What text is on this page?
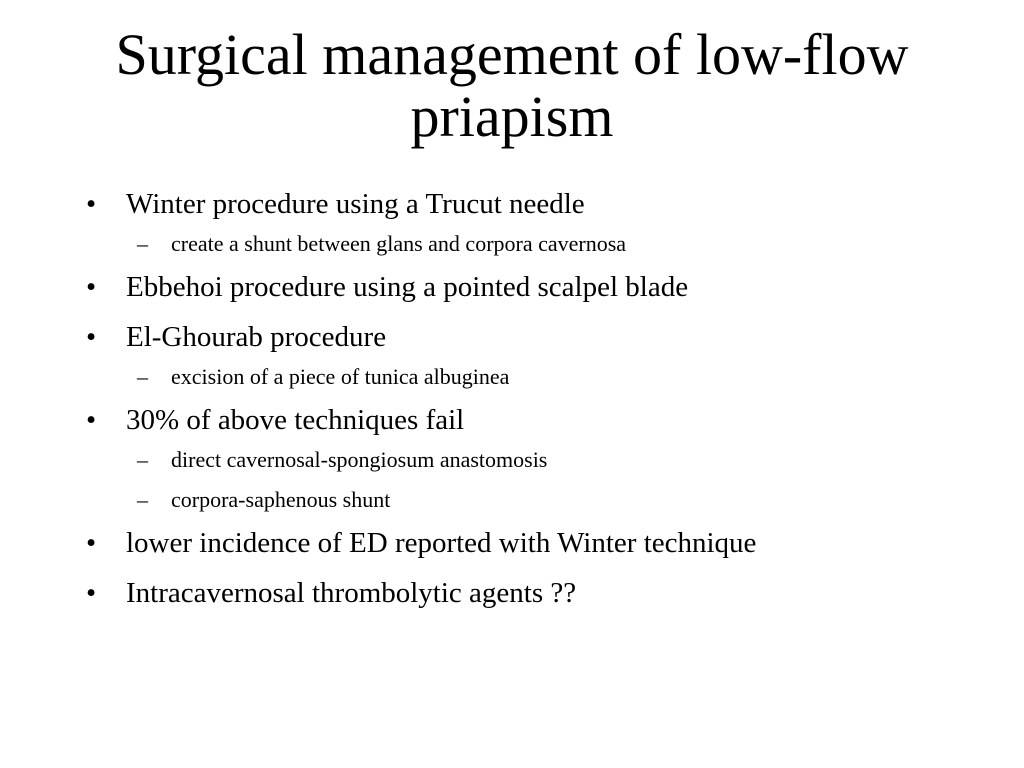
Surgical management of low-flow priapism
• Winter procedure using a Trucut needle
– create a shunt between glans and corpora cavernosa
• Ebbehoi procedure using a pointed scalpel blade
• El-Ghourab procedure
– excision of a piece of tunica albuginea
• 30% of above techniques fail
– direct cavernosal-spongiosum anastomosis
– corpora-saphenous shunt
• lower incidence of ED reported with Winter technique
• Intracavernosal thrombolytic agents ??
